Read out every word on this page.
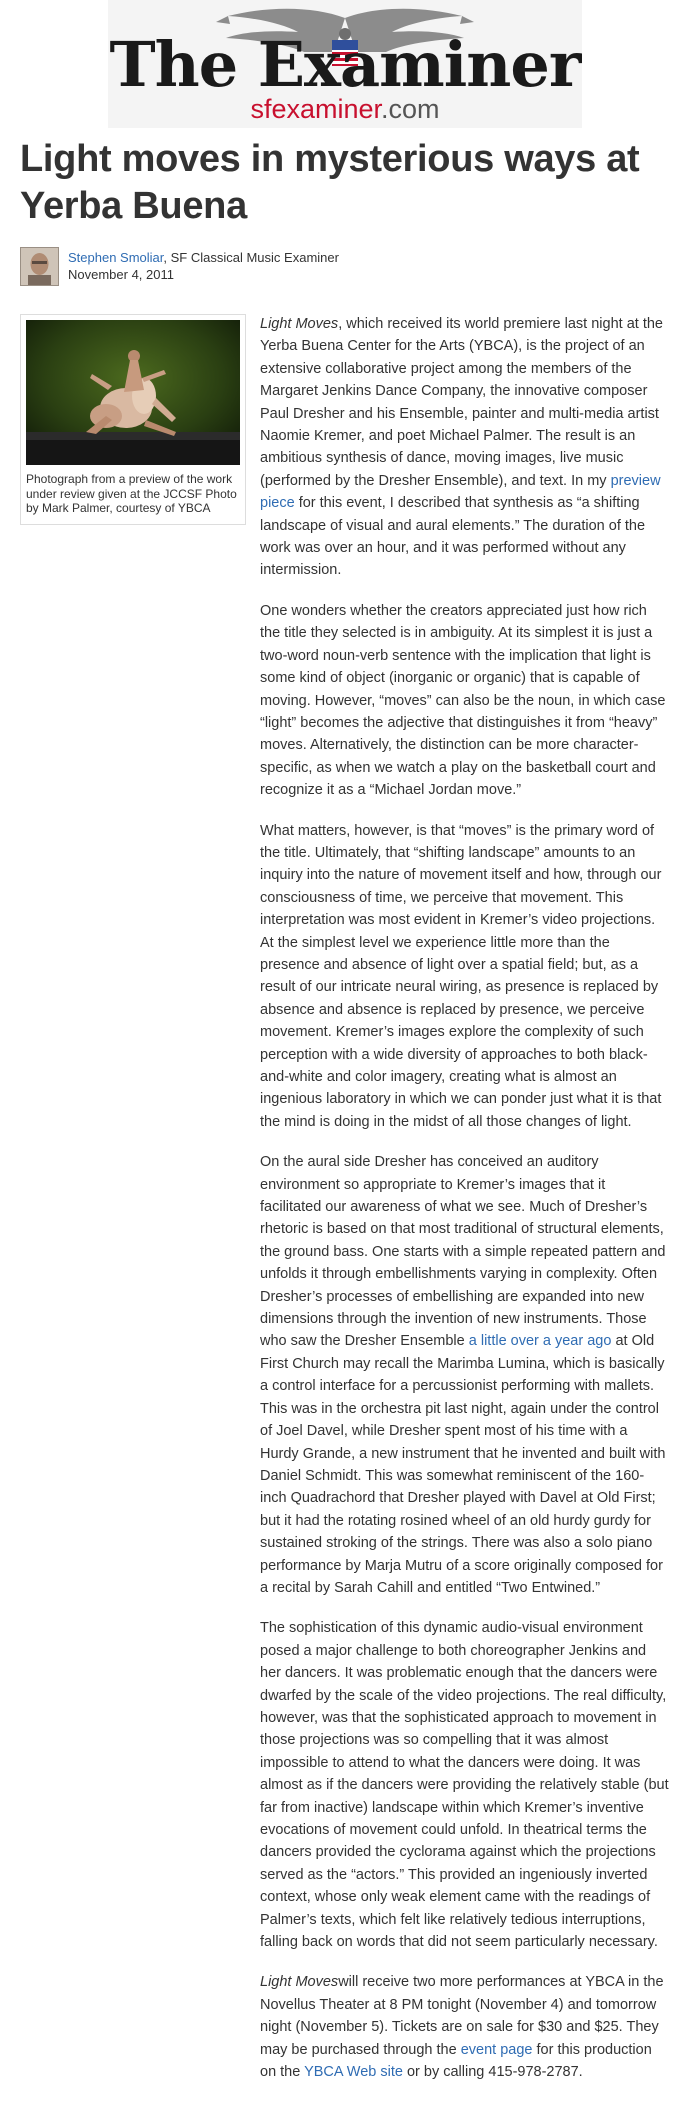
The Examiner
sfexaminer.com
Light moves in mysterious ways at Yerba Buena
Stephen Smoliar, SF Classical Music Examiner
November 4, 2011
Photograph from a preview of the work under review given at the JCCSF Photo by Mark Palmer, courtesy of YBCA

Light Moves, which received its world premiere last night at the Yerba Buena Center for the Arts (YBCA), is the project of an extensive collaborative project among the members of the Margaret Jenkins Dance Company, the innovative composer Paul Dresher and his Ensemble, painter and multi-media artist Naomie Kremer, and poet Michael Palmer. The result is an ambitious synthesis of dance, moving images, live music (performed by the Dresher Ensemble), and text. In my preview piece for this event, I described that synthesis as “a shifting landscape of visual and aural elements.” The duration of the work was over an hour, and it was performed without any intermission.

One wonders whether the creators appreciated just how rich the title they selected is in ambiguity. At its simplest it is just a two-word noun-verb sentence with the implication that light is some kind of object (inorganic or organic) that is capable of moving. However, “moves” can also be the noun, in which case “light” becomes the adjective that distinguishes it from “heavy” moves. Alternatively, the distinction can be more character-specific, as when we watch a play on the basketball court and recognize it as a “Michael Jordan move.”

What matters, however, is that “moves” is the primary word of the title. Ultimately, that “shifting landscape” amounts to an inquiry into the nature of movement itself and how, through our consciousness of time, we perceive that movement. This interpretation was most evident in Kremer’s video projections. At the simplest level we experience little more than the presence and absence of light over a spatial field; but, as a result of our intricate neural wiring, as presence is replaced by absence and absence is replaced by presence, we perceive movement. Kremer’s images explore the complexity of such perception with a wide diversity of approaches to both black-and-white and color imagery, creating what is almost an ingenious laboratory in which we can ponder just what it is that the mind is doing in the midst of all those changes of light.

On the aural side Dresher has conceived an auditory environment so appropriate to Kremer’s images that it facilitated our awareness of what we see. Much of Dresher’s rhetoric is based on that most traditional of structural elements, the ground bass. One starts with a simple repeated pattern and unfolds it through embellishments varying in complexity. Often Dresher’s processes of embellishing are expanded into new dimensions through the invention of new instruments. Those who saw the Dresher Ensemble a little over a year ago at Old First Church may recall the Marimba Lumina, which is basically a control interface for a percussionist performing with mallets. This was in the orchestra pit last night, again under the control of Joel Davel, while Dresher spent most of his time with a Hurdy Grande, a new instrument that he invented and built with Daniel Schmidt. This was somewhat reminiscent of the 160-inch Quadrachord that Dresher played with Davel at Old First; but it had the rotating rosined wheel of an old hurdy gurdy for sustained stroking of the strings. There was also a solo piano performance by Marja Mutru of a score originally composed for a recital by Sarah Cahill and entitled “Two Entwined.”

The sophistication of this dynamic audio-visual environment posed a major challenge to both choreographer Jenkins and her dancers. It was problematic enough that the dancers were dwarfed by the scale of the video projections. The real difficulty, however, was that the sophisticated approach to movement in those projections was so compelling that it was almost impossible to attend to what the dancers were doing. It was almost as if the dancers were providing the relatively stable (but far from inactive) landscape within which Kremer’s inventive evocations of movement could unfold. In theatrical terms the dancers provided the cyclorama against which the projections served as the “actors.” This provided an ingeniously inverted context, whose only weak element came with the readings of Palmer’s texts, which felt like relatively tedious interruptions, falling back on words that did not seem particularly necessary.

Light Moveswill receive two more performances at YBCA in the Novellus Theater at 8 PM tonight (November 4) and tomorrow night (November 5). Tickets are on sale for $30 and $25. They may be purchased through the event page for this production on the YBCA Web site or by calling 415-978-2787.
